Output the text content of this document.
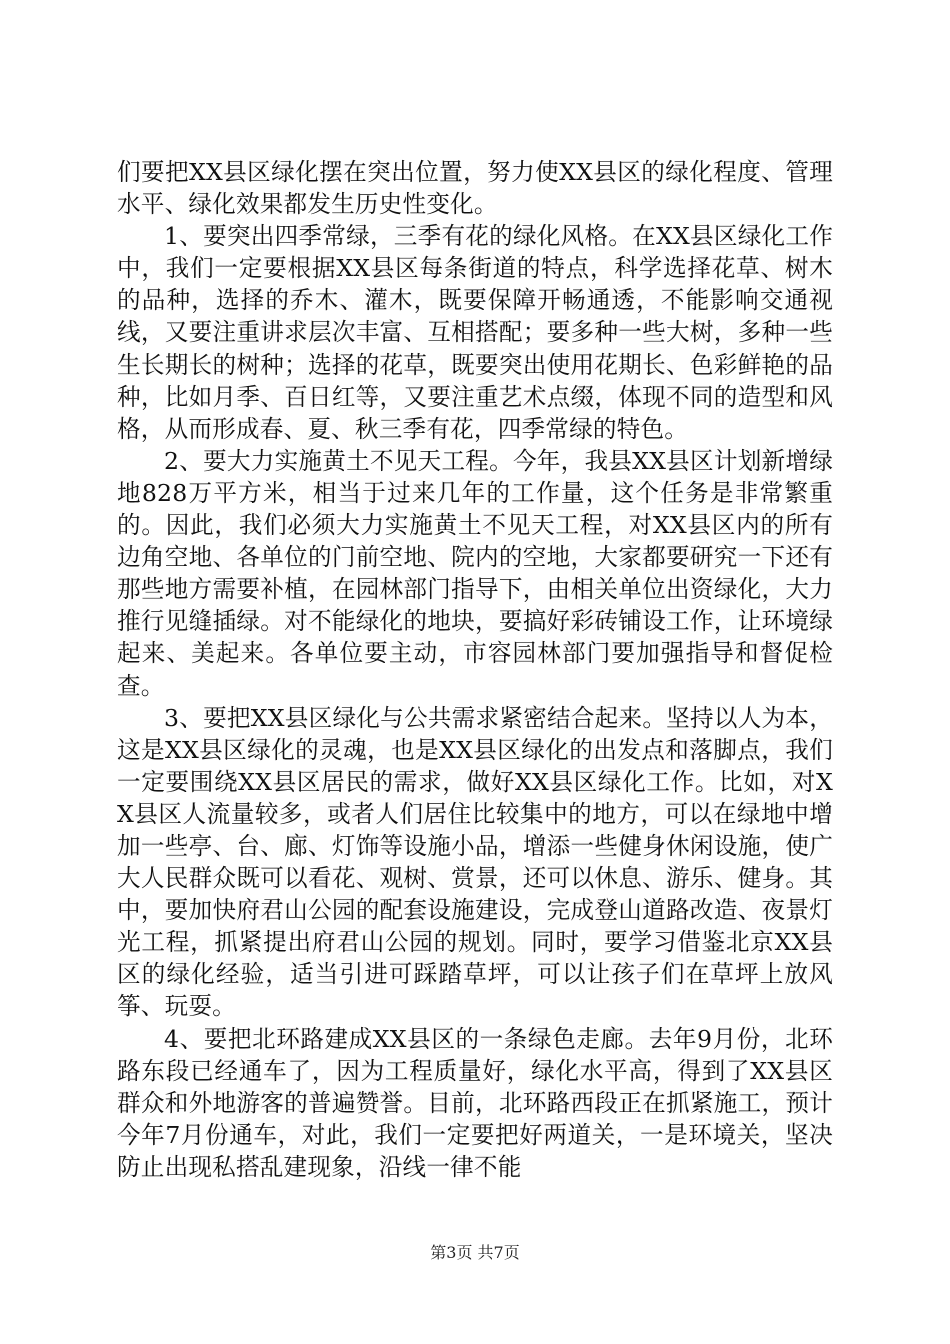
们要把XX县区绿化摆在突出位置，努力使XX县区的绿化程度、管理水平、绿化效果都发生历史性变化。

1、要突出四季常绿，三季有花的绿化风格。在XX县区绿化工作中，我们一定要根据XX县区每条街道的特点，科学选择花草、树木的品种，选择的乔木、灌木，既要保障开畅通透，不能影响交通视线，又要注重讲求层次丰富、互相搭配；要多种一些大树，多种一些生长期长的树种；选择的花草，既要突出使用花期长、色彩鲜艳的品种，比如月季、百日红等，又要注重艺术点缀，体现不同的造型和风格，从而形成春、夏、秋三季有花，四季常绿的特色。

2、要大力实施黄土不见天工程。今年，我县XX县区计划新增绿地828万平方米，相当于过来几年的工作量，这个任务是非常繁重的。因此，我们必须大力实施黄土不见天工程，对XX县区内的所有边角空地、各单位的门前空地、院内的空地，大家都要研究一下还有那些地方需要补植，在园林部门指导下，由相关单位出资绿化，大力推行见缝插绿。对不能绿化的地块，要搞好彩砖铺设工作，让环境绿起来、美起来。各单位要主动，市容园林部门要加强指导和督促检查。

3、要把XX县区绿化与公共需求紧密结合起来。坚持以人为本，这是XX县区绿化的灵魂，也是XX县区绿化的出发点和落脚点，我们一定要围绕XX县区居民的需求，做好XX县区绿化工作。比如，对XX县区人流量较多，或者人们居住比较集中的地方，可以在绿地中增加一些亭、台、廊、灯饰等设施小品，增添一些健身休闲设施，使广大人民群众既可以看花、观树、赏景，还可以休息、游乐、健身。其中，要加快府君山公园的配套设施建设，完成登山道路改造、夜景灯光工程，抓紧提出府君山公园的规划。同时，要学习借鉴北京XX县区的绿化经验，适当引进可踩踏草坪，可以让孩子们在草坪上放风筝、玩耍。

4、要把北环路建成XX县区的一条绿色走廊。去年9月份，北环路东段已经通车了，因为工程质量好，绿化水平高，得到了XX县区群众和外地游客的普遍赞誉。目前，北环路西段正在抓紧施工，预计今年7月份通车，对此，我们一定要把好两道关，一是环境关，坚决防止出现私搭乱建现象，沿线一律不能

第3页 共7页
